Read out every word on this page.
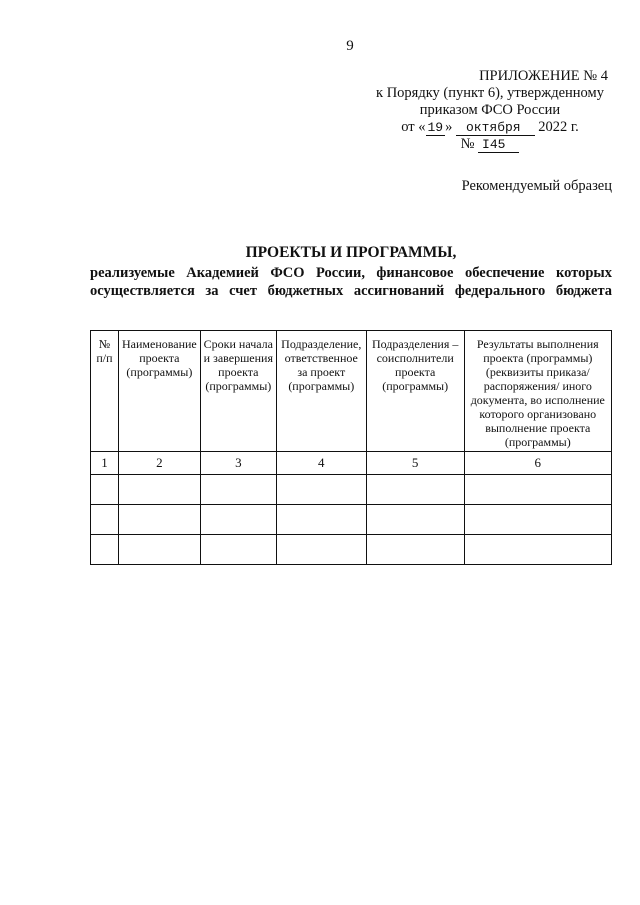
9
ПРИЛОЖЕНИЕ № 4
к Порядку (пункт 6), утвержденному
приказом ФСО России
от « 19 » октября 2022 г.
№ I45
Рекомендуемый образец
ПРОЕКТЫ И ПРОГРАММЫ,
реализуемые Академией ФСО России, финансовое обеспечение которых
осуществляется за счет бюджетных ассигнований федерального бюджета
№ п/п	Наименование проекта (программы)	Сроки начала и завершения проекта (программы)	Подразделение, ответственное за проект (программы)	Подразделения – соисполнители проекта (программы)	Результаты выполнения проекта (программы) (реквизиты приказа/распоряжения/ иного документа, во исполнение которого организовано выполнение проекта (программы)
1	2	3	4	5	6
